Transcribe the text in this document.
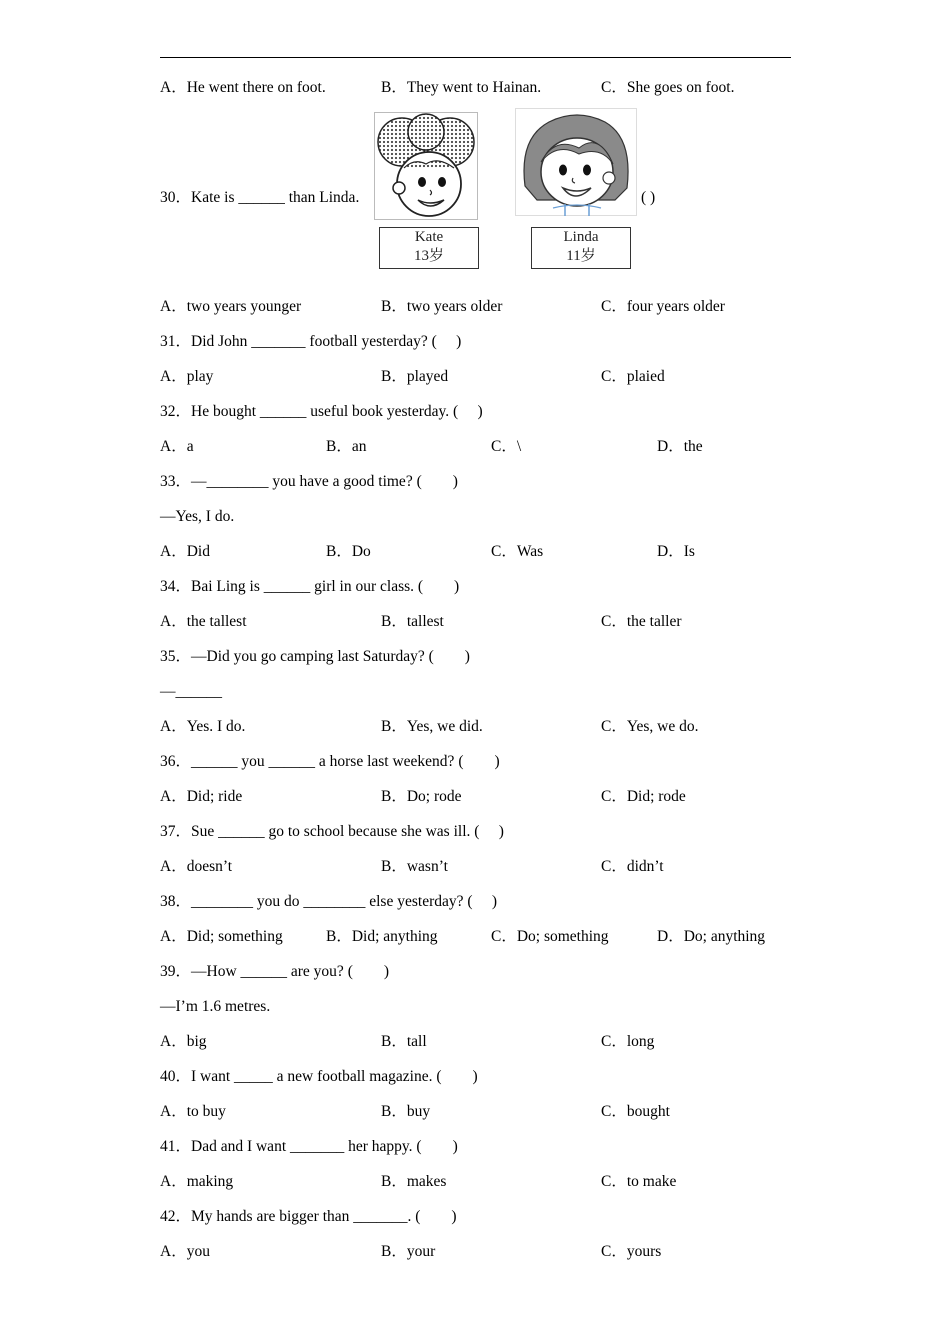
A．He went there on foot.	B．They went to Hainan.	C．She goes on foot.
30．Kate is ______ than Linda.	( )
Kate
13岁
Linda
11岁
A．two years younger	B．two years older	C．four years older
31．Did John _______ football yesterday? (　 )
A．play	B．played	C．plaied
32．He bought ______ useful book yesterday. (　 )
A．a	B．an	C．\	D．the
33．—________ you have a good time? (　　)
—Yes, I do.
A．Did	B．Do	C．Was	D．Is
34．Bai Ling is ______ girl in our class. (　　)
A．the tallest	B．tallest	C．the taller
35．—Did you go camping last Saturday? (　　)
—______
A．Yes. I do.	B．Yes, we did.	C．Yes, we do.
36．______ you ______ a horse last weekend? (　　)
A．Did; ride	B．Do; rode	C．Did; rode
37．Sue ______ go to school because she was ill. (　 )
A．doesn’t	B．wasn’t	C．didn’t
38．________ you do ________ else yesterday? (　 )
A．Did; something	B．Did; anything	C．Do; something	D．Do; anything
39．—How ______ are you? (　　)
—I’m 1.6 metres.
A．big	B．tall	C．long
40．I want _____ a new football magazine. (　　)
A．to buy	B．buy	C．bought
41．Dad and I want _______ her happy. (　　)
A．making	B．makes	C．to make
42．My hands are bigger than _______. (　　)
A．you	B．your	C．yours
